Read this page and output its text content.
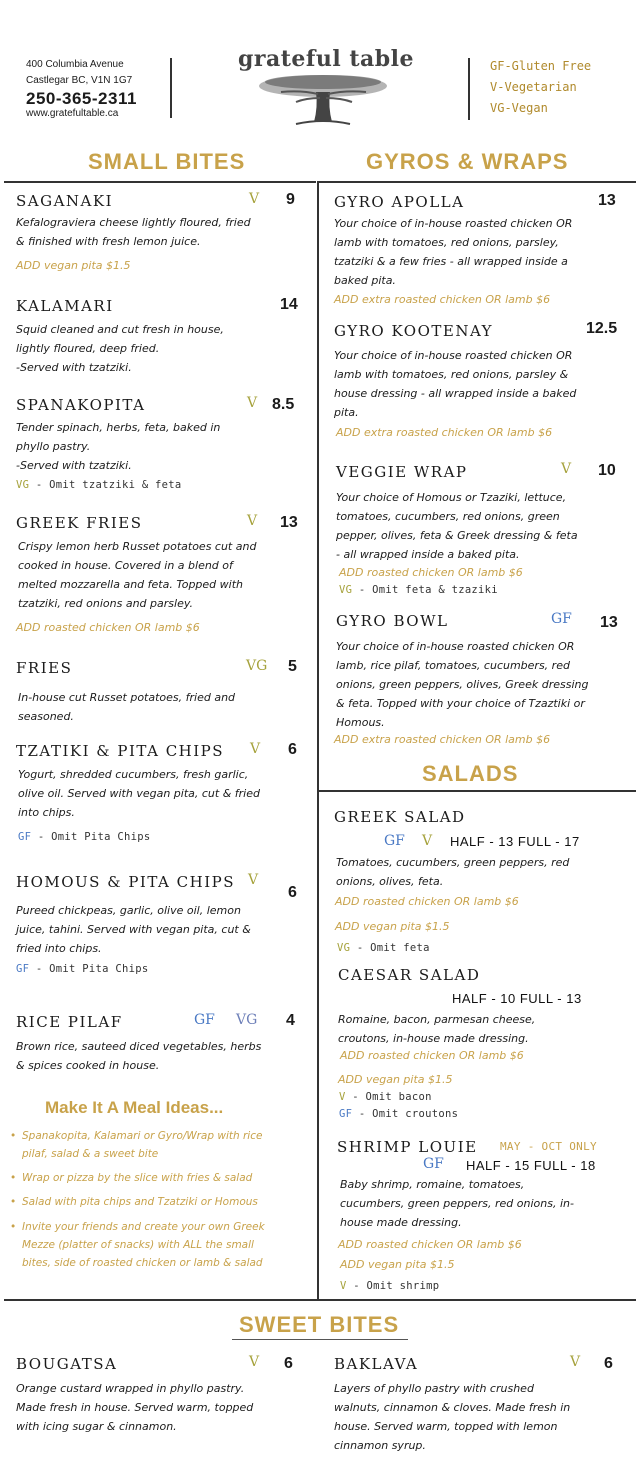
400 Columbia Avenue
Castlegar BC, V1N 1G7
250-365-2311
www.gratefultable.ca
grateful table	GF-Gluten Free
V-Vegetarian
VG-Vegan
SMALL BITES	GYROS & WRAPS
SAGANAKI	V 9
Kefalograviera cheese lightly floured, fried
& finished with fresh lemon juice.
ADD vegan pita $1.5
KALAMARI	14
Squid cleaned and cut fresh in house,
lightly floured, deep fried.
-Served with tzatziki.
SPANAKOPITA	V 8.5
Tender spinach, herbs, feta, baked in
phyllo pastry.
-Served with tzatziki.
VG - Omit tzatziki & feta
GREEK FRIES	V 13
Crispy lemon herb Russet potatoes cut and
cooked in house. Covered in a blend of
melted mozzarella and feta. Topped with
tzatziki, red onions and parsley.
ADD roasted chicken OR lamb $6
FRIES	VG 5
In-house cut Russet potatoes, fried and
seasoned.
TZATIKI & PITA CHIPS V 6
Yogurt, shredded cucumbers, fresh garlic,
olive oil. Served with vegan pita, cut & fried
into chips.
GF - Omit Pita Chips
HOMOUS & PITA CHIPS V
6
Pureed chickpeas, garlic, olive oil, lemon
juice, tahini. Served with vegan pita, cut &
fried into chips.
GF - Omit Pita Chips
RICE PILAF	GF VG 4
Brown rice, sauteed diced vegetables, herbs
& spices cooked in house.
Make It A Meal Ideas...
• Spanakopita, Kalamari or Gyro/Wrap with rice
pilaf, salad & a sweet bite
• Wrap or pizza by the slice with fries & salad
• Salad with pita chips and Tzatziki or Homous
• Invite your friends and create your own Greek
Mezze (platter of snacks) with ALL the small
bites, side of roasted chicken or lamb & salad
GYRO APOLLA	13
Your choice of in-house roasted chicken OR
lamb with tomatoes, red onions, parsley,
tzatziki & a few fries - all wrapped inside a
baked pita.
ADD extra roasted chicken OR lamb $6
GYRO KOOTENAY	12.5
Your choice of in-house roasted chicken OR
lamb with tomatoes, red onions, parsley &
house dressing - all wrapped inside a baked
pita.
ADD extra roasted chicken OR lamb $6
VEGGIE WRAP	V 10
Your choice of Homous or Tzaziki, lettuce,
tomatoes, cucumbers, red onions, green
pepper, olives, feta & Greek dressing & feta
- all wrapped inside a baked pita.
ADD roasted chicken OR lamb $6
VG - Omit feta & tzaziki
GYRO BOWL	GF 13
Your choice of in-house roasted chicken OR
lamb, rice pilaf, tomatoes, cucumbers, red
onions, green peppers, olives, Greek dressing
& feta. Topped with your choice of Tzaztiki or
Homous.
ADD extra roasted chicken OR lamb $6
SALADS
GREEK SALAD
GF V HALF - 13 FULL - 17
Tomatoes, cucumbers, green peppers, red
onions, olives, feta.
ADD roasted chicken OR lamb $6
ADD vegan pita $1.5
VG - Omit feta
CAESAR SALAD
HALF - 10 FULL - 13
Romaine, bacon, parmesan cheese,
croutons, in-house made dressing.
ADD roasted chicken OR lamb $6
ADD vegan pita $1.5
V - Omit bacon
GF - Omit croutons
SHRIMP LOUIE MAY - OCT ONLY
GF HALF - 15 FULL - 18
Baby shrimp, romaine, tomatoes,
cucumbers, green peppers, red onions, in-
house made dressing.
ADD roasted chicken OR lamb $6
ADD vegan pita $1.5
V - Omit shrimp
SWEET BITES
BOUGATSA	V 6
Orange custard wrapped in phyllo pastry.
Made fresh in house. Served warm, topped
with icing sugar & cinnamon.
BAKLAVA	V 6
Layers of phyllo pastry with crushed
walnuts, cinnamon & cloves. Made fresh in
house. Served warm, topped with lemon
cinnamon syrup.
